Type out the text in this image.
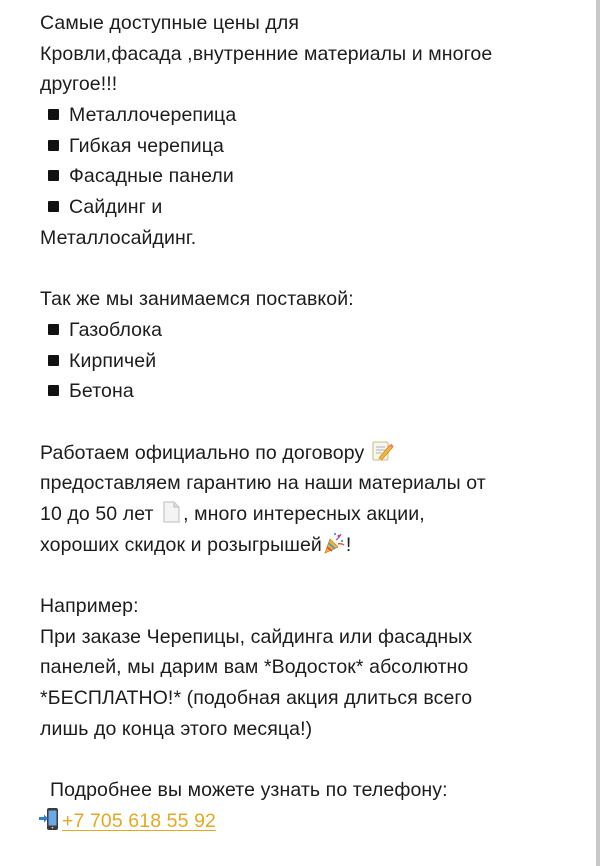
Самые доступные цены для
Кровли,фасада ,внутренние материалы и многое
другое!!!
Металлочерепица
Гибкая черепица
Фасадные панели
Сайдинг и
Металлосайдинг.
Так же мы занимаемся поставкой:
Газоблока
Кирпичей
Бетона
Работаем официально по договору
предоставляем гарантию на наши материалы от
10 до 50 лет , много интересных акции,
хороших скидок и розыгрышей !
Например:
При заказе Черепицы, сайдинга или фасадных
панелей, мы дарим вам *Водосток* абсолютно
*БЕСПЛАТНО!* (подобная акция длиться всего
лишь до конца этого месяца!)
Подробнее вы можете узнать по телефону:
+7 705 618 55 92
